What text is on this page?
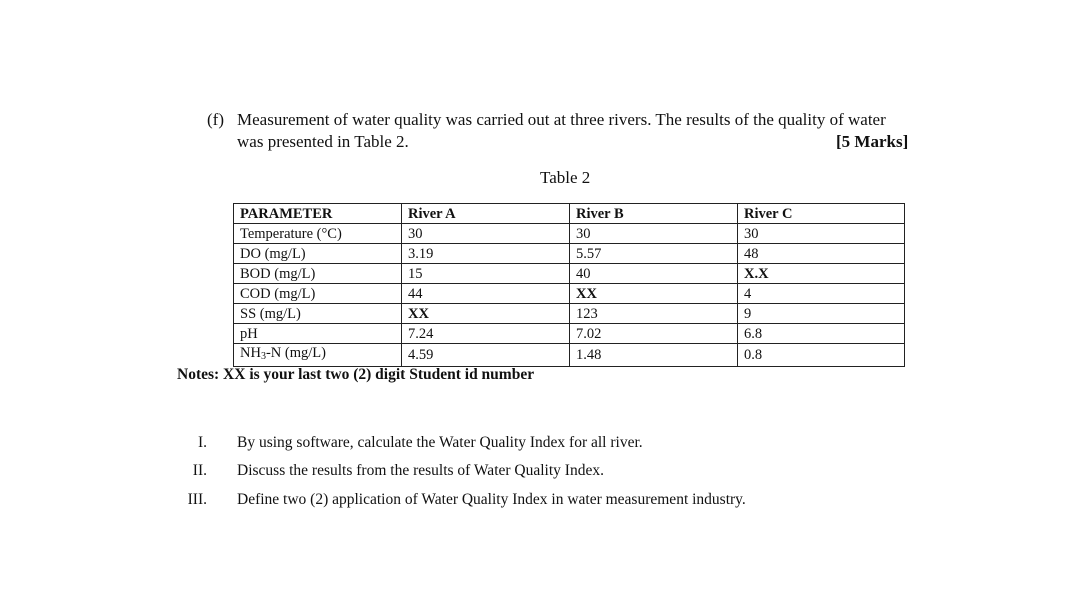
(f) Measurement of water quality was carried out at three rivers. The results of the quality of water
was presented in Table 2.	[5 Marks]
Table 2
PARAMETER	River A	River B	River C
Temperature (°C)	30	30	30
DO (mg/L)	3.19	5.57	48
BOD (mg/L)	15	40	X.X
COD (mg/L)	44	XX	4
SS (mg/L)	XX	123	9
pH	7.24	7.02	6.8
$NH_3-N$ (mg/L)	4.59	1.48	0.8
Notes: XX is your last two (2) digit Student id number
I. By using software, calculate the Water Quality Index for all river.
II. Discuss the results from the results of Water Quality Index.
III. Define two (2) application of Water Quality Index in water measurement industry.
